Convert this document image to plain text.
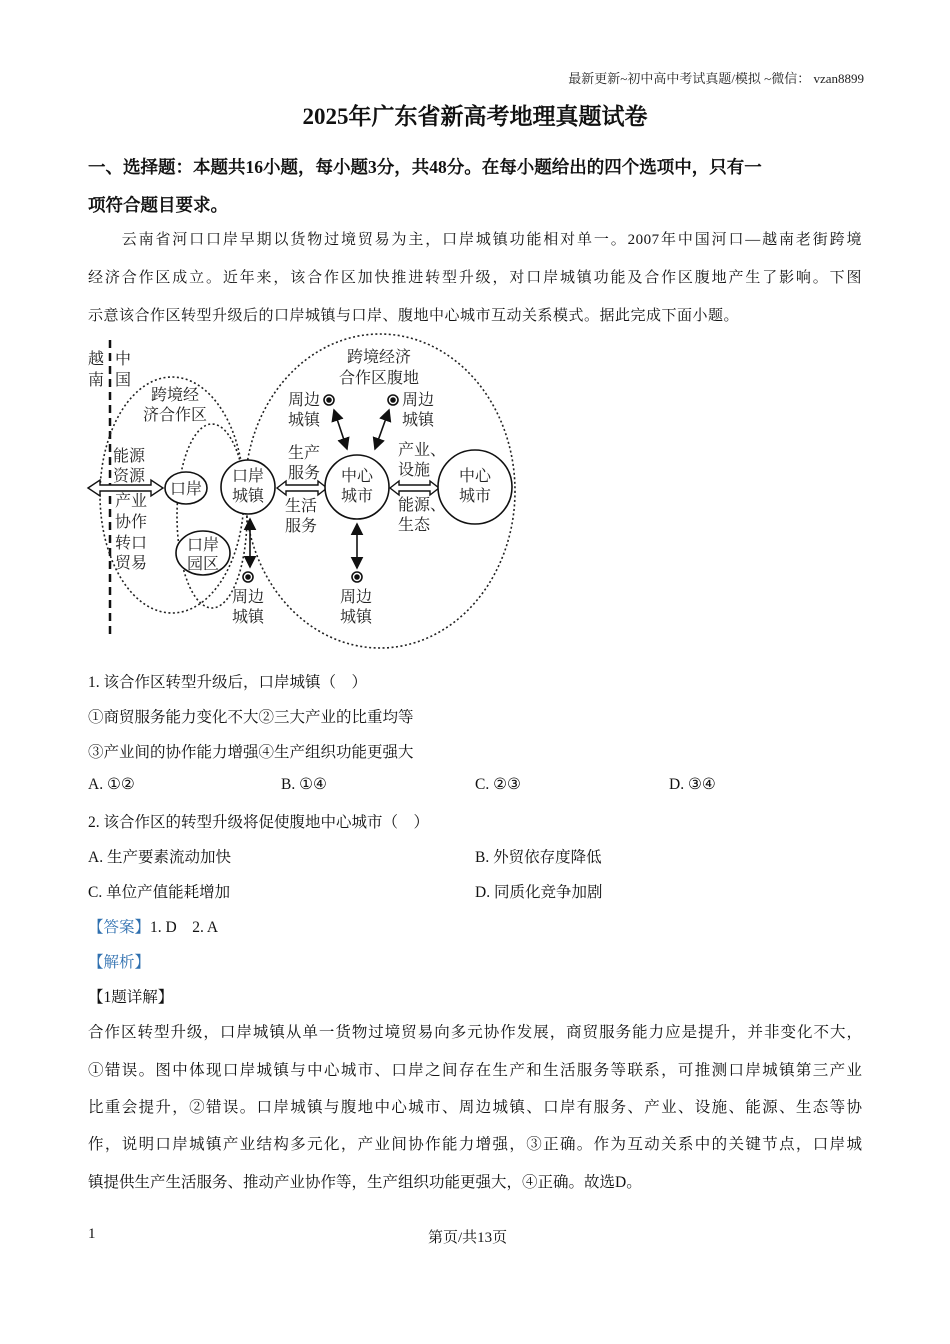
最新更新~初中高中考试真题/模拟 ~微信： vzan8899
2025年广东省新高考地理真题试卷
一、选择题：本题共16小题，每小题3分，共48分。在每小题给出的四个选项中，只有一
项符合题目要求。
　　云南省河口口岸早期以货物过境贸易为主，口岸城镇功能相对单一。2007年中国河口—越南老街跨境
经济合作区成立。近年来，该合作区加快推进转型升级，对口岸城镇功能及合作区腹地产生了影响。下图
示意该合作区转型升级后的口岸城镇与口岸、腹地中心城市互动关系模式。据此完成下面小题。
越
南
中
国
跨境经
济合作区
跨境经济
合作区腹地
能源
资源
产业
协作
转口
贸易
口岸
口岸
园区
口岸
城镇
中心
城市
中心
城市
生产
服务
生活
服务
产业、
设施
能源、
生态
周边
城镇
周边
城镇
周边
城镇
周边
城镇
1. 该合作区转型升级后，口岸城镇（　）
①商贸服务能力变化不大②三大产业的比重均等
③产业间的协作能力增强④生产组织功能更强大
A. ①②	B. ①④	C. ②③	D. ③④
2. 该合作区的转型升级将促使腹地中心城市（　）
A. 生产要素流动加快	B. 外贸依存度降低
C. 单位产值能耗增加	D. 同质化竞争加剧
【答案】1. D　2. A
【解析】
【1题详解】
合作区转型升级，口岸城镇从单一货物过境贸易向多元协作发展，商贸服务能力应是提升，并非变化不大，
①错误。图中体现口岸城镇与中心城市、口岸之间存在生产和生活服务等联系，可推测口岸城镇第三产业
比重会提升，②错误。口岸城镇与腹地中心城市、周边城镇、口岸有服务、产业、设施、能源、生态等协
作，说明口岸城镇产业结构多元化，产业间协作能力增强，③正确。作为互动关系中的关键节点，口岸城
镇提供生产生活服务、推动产业协作等，生产组织功能更强大，④正确。故选D。
1	第页/共13页
